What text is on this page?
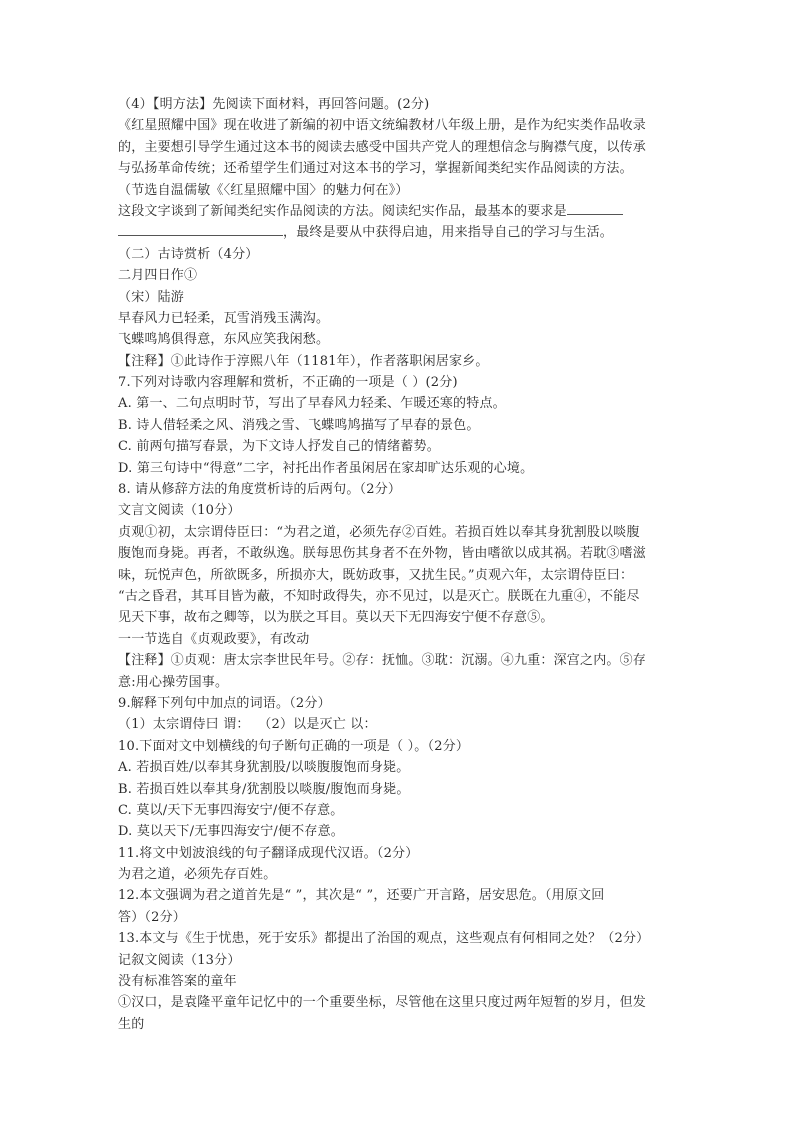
（4）【明方法】先阅读下面材料，再回答问题。(2分)
《红星照耀中国》现在收进了新编的初中语文统编教材八年级上册，是作为纪实类作品收录
的，主要想引导学生通过这本书的阅读去感受中国共产党人的理想信念与胸襟气度，以传承
与弘扬革命传统；还希望学生们通过对这本书的学习，掌握新闻类纪实作品阅读的方法。
（节选自温儒敏《〈红星照耀中国〉的魅力何在》）
这段文字谈到了新闻类纪实作品阅读的方法。阅读纪实作品，最基本的要求是
，最终是要从中获得启迪，用来指导自己的学习与生活。
（二）古诗赏析（4分）
二月四日作①
（宋）陆游
早春风力已轻柔，瓦雪消残玉满沟。
飞蝶鸣鸠俱得意，东风应笑我闲愁。
【注释】①此诗作于淳熙八年（1181年），作者落职闲居家乡。
7.下列对诗歌内容理解和赏析，不正确的一项是（ ）(2分)
A. 第一、二句点明时节，写出了早春风力轻柔、乍暖还寒的特点。
B. 诗人借轻柔之风、消残之雪、飞蝶鸣鸠描写了早春的景色。
C. 前两句描写春景，为下文诗人抒发自己的情绪蓄势。
D. 第三句诗中“得意”二字，衬托出作者虽闲居在家却旷达乐观的心境。
8. 请从修辞方法的角度赏析诗的后两句。（2分）
文言文阅读（10分）
贞观①初，太宗谓侍臣曰：“为君之道，必须先存②百姓。若损百姓以奉其身犹割股以啖腹
腹饱而身毙。再者，不敢纵逸。朕每思伤其身者不在外物，皆由嗜欲以成其祸。若耽③嗜滋
味，玩悦声色，所欲既多，所损亦大，既妨政事，又扰生民。”贞观六年，太宗谓侍臣曰：
“古之昏君，其耳目皆为蔽，不知时政得失，亦不见过，以是灭亡。朕既在九重④，不能尽
见天下事，故布之卿等，以为朕之耳目。莫以天下无四海安宁便不存意⑤。
一一节选自《贞观政要》，有改动
【注释】①贞观：唐太宗李世民年号。②存：抚恤。③耽：沉溺。④九重：深宫之内。⑤存
意:用心操劳国事。
9.解释下列句中加点的词语。（2分）
（1）太宗谓侍曰 谓：  （2）以是灭亡 以：
10.下面对文中划横线的句子断句正确的一项是（ ）。（2分）
A. 若损百姓/以奉其身犹割股/以啖腹腹饱而身毙。
B. 若损百姓以奉其身/犹割股以啖腹/腹饱而身毙。
C. 莫以/天下无事四海安宁/便不存意。
D. 莫以天下/无事四海安宁/便不存意。
11.将文中划波浪线的句子翻译成现代汉语。（2分）
为君之道，必须先存百姓。
12.本文强调为君之道首先是“ ”，其次是“ ”，还要广开言路，居安思危。（用原文回
答）（2分）
13.本文与《生于忧患，死于安乐》都提出了治国的观点，这些观点有何相同之处？（2分）
记叙文阅读（13分）
没有标准答案的童年
①汉口，是袁隆平童年记忆中的一个重要坐标，尽管他在这里只度过两年短暂的岁月，但发
生的
